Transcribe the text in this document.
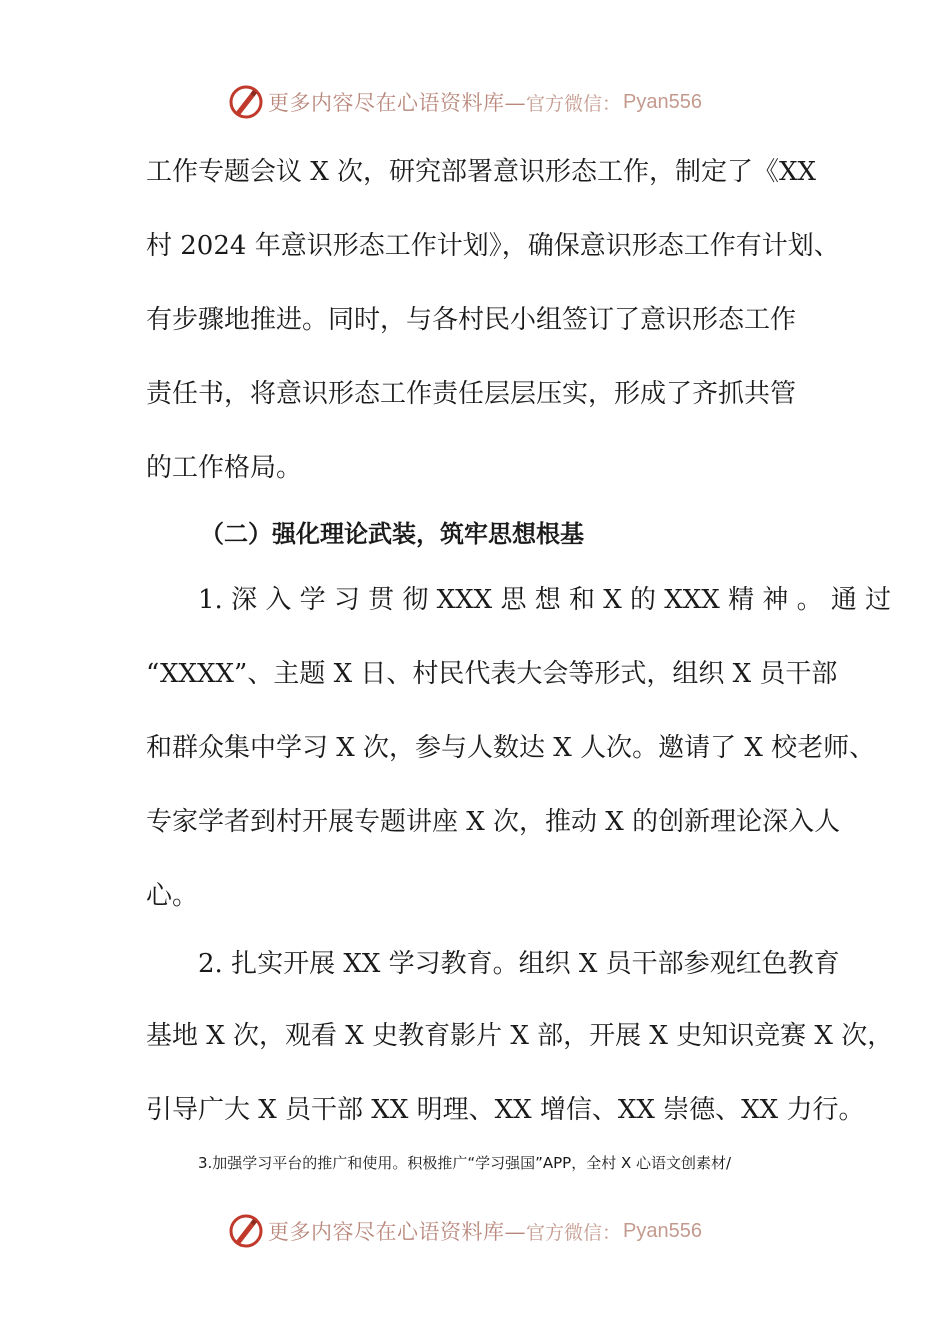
更多内容尽在心语资料库— 官方微信： Pyan556
工作专题会议 X 次，研究部署意识形态工作，制定了《XX
村 2024 年意识形态工作计划》，确保意识形态工作有计划、
有步骤地推进。同时，与各村民小组签订了意识形态工作
责任书，将意识形态工作责任层层压实，形成了齐抓共管
的工作格局。
（二）强化理论武装，筑牢思想根基
1. 深 入 学 习 贯 彻 XXX 思 想 和 X 的 XXX 精 神 。 通 过
“XXXX”、主题 X 日、村民代表大会等形式，组织 X 员干部
和群众集中学习 X 次，参与人数达 X 人次。邀请了 X 校老师、
专家学者到村开展专题讲座 X 次，推动 X 的创新理论深入人
心。
2. 扎实开展 XX 学习教育。组织 X 员干部参观红色教育
基地 X 次，观看 X 史教育影片 X 部，开展 X 史知识竞赛 X 次，
引导广大 X 员干部 XX 明理、XX 增信、XX 崇德、XX 力行。
3.加强学习平台的推广和使用。积极推广“学习强国”APP，全村 X 心语文创素材/
更多内容尽在心语资料库— 官方微信： Pyan556
